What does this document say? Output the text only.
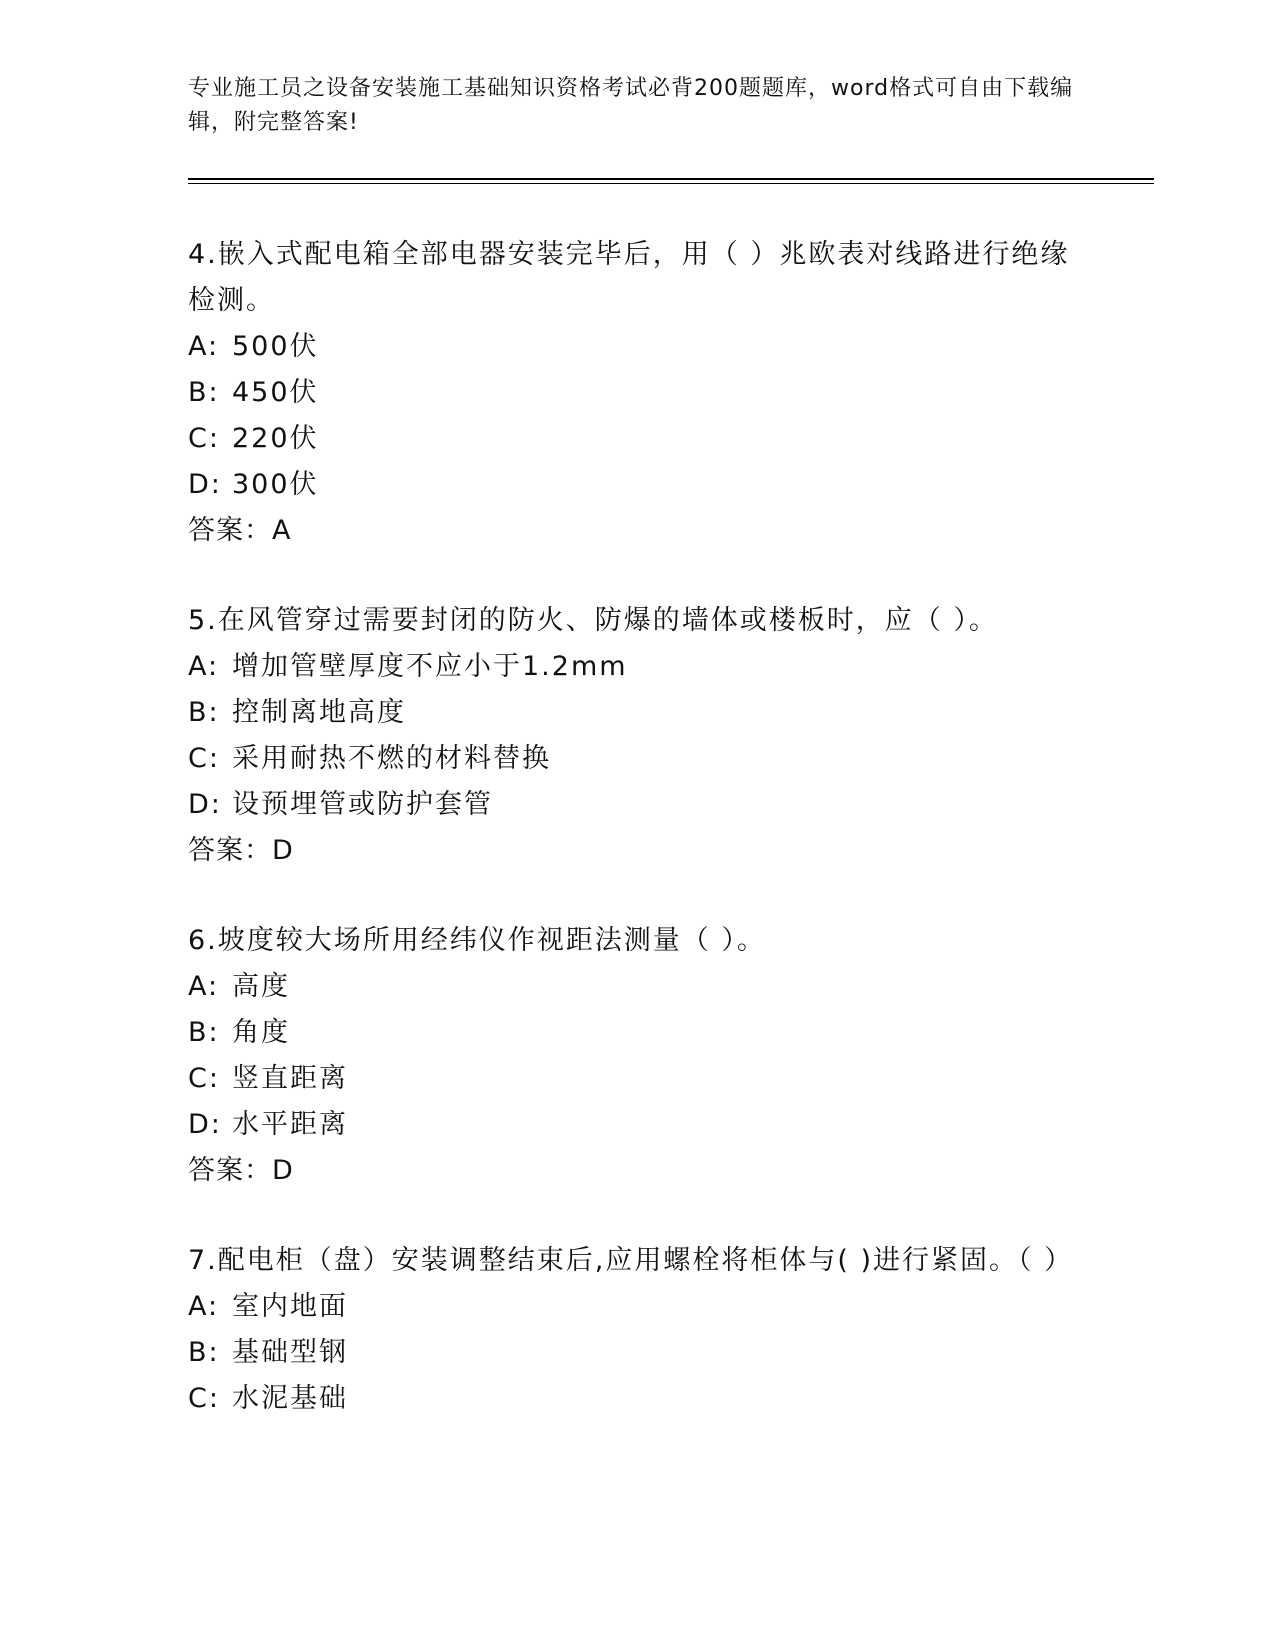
专业施工员之设备安装施工基础知识资格考试必背200题题库，word格式可自由下载编辑，附完整答案!
4.嵌入式配电箱全部电器安装完毕后，用（ ）兆欧表对线路进行绝缘检测。
A: 500伏
B: 450伏
C: 220伏
D: 300伏
答案：A
5.在风管穿过需要封闭的防火、防爆的墙体或楼板时，应（ ）。
A: 增加管壁厚度不应小于1.2mm
B: 控制离地高度
C: 采用耐热不燃的材料替换
D: 设预埋管或防护套管
答案：D
6.坡度较大场所用经纬仪作视距法测量（ ）。
A: 高度
B: 角度
C: 竖直距离
D: 水平距离
答案：D
7.配电柜（盘）安装调整结束后,应用螺栓将柜体与( )进行紧固。（ ）
A: 室内地面
B: 基础型钢
C: 水泥基础
